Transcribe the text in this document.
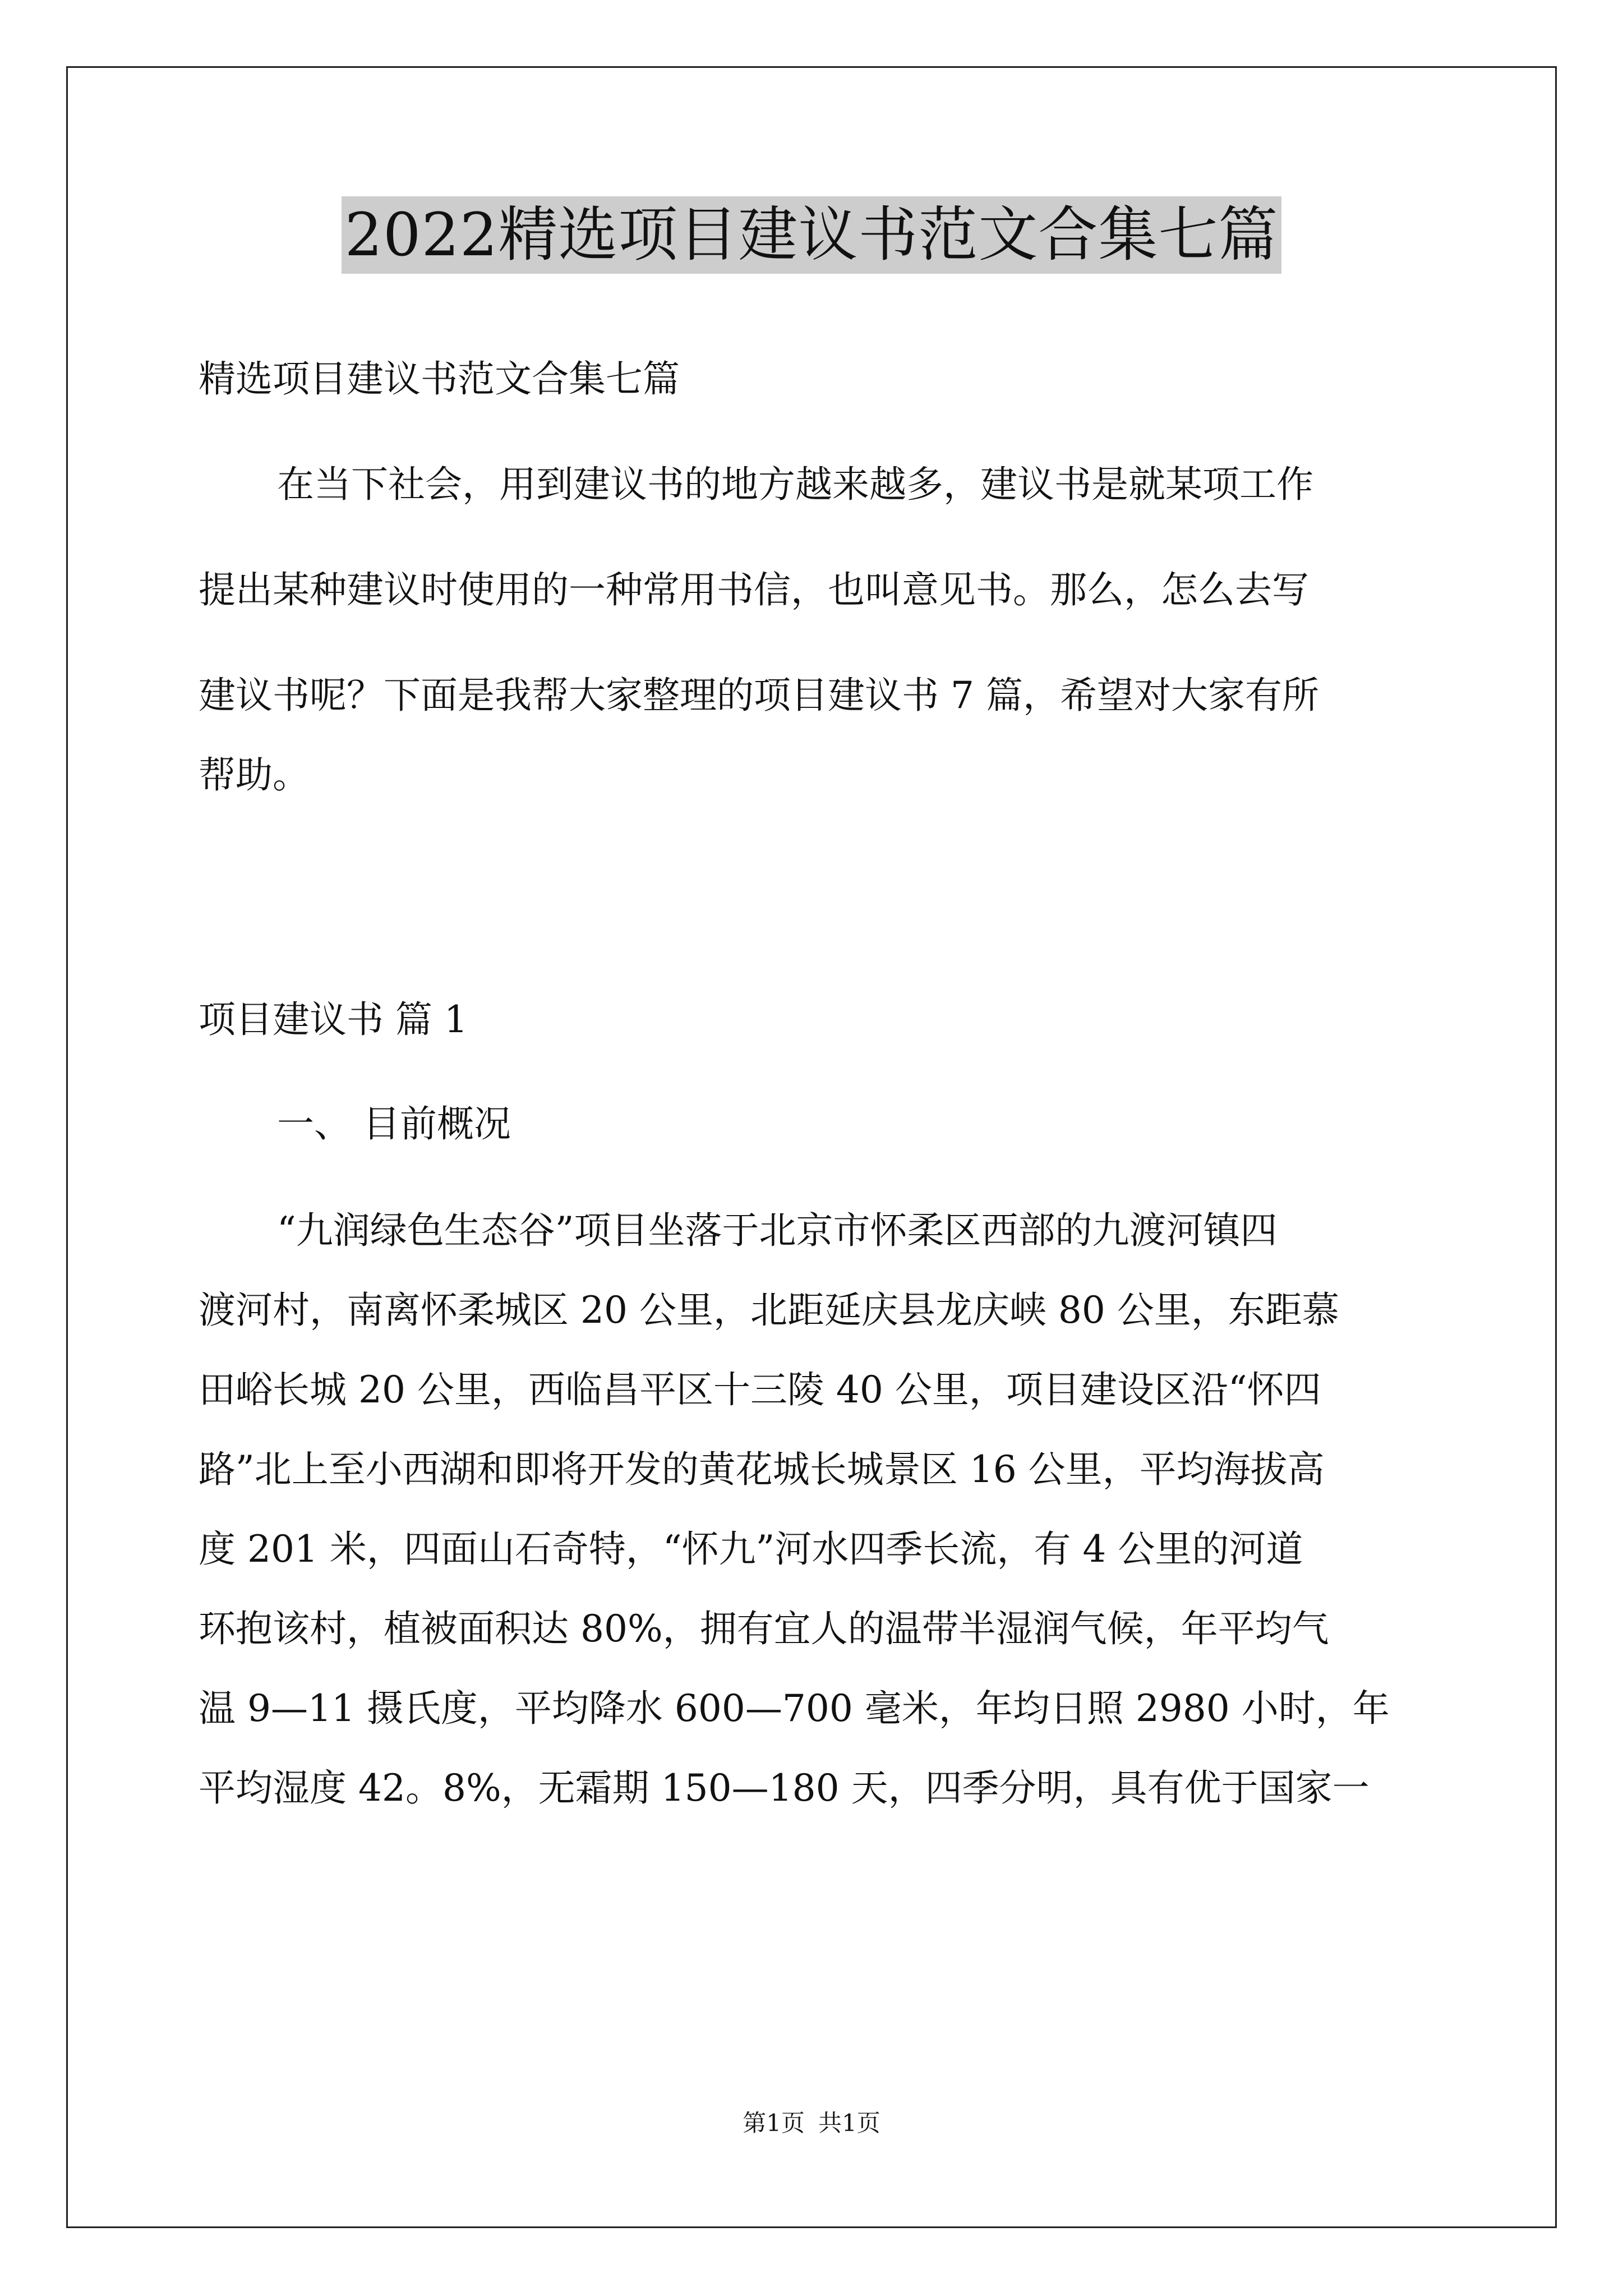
2022精选项目建议书范文合集七篇

精选项目建议书范文合集七篇

在当下社会，用到建议书的地方越来越多，建议书是就某项工作

提出某种建议时使用的一种常用书信，也叫意见书。那么，怎么去写

建议书呢？下面是我帮大家整理的项目建议书 7 篇，希望对大家有所

帮助。

项目建议书 篇 1

一、 目前概况

“九润绿色生态谷”项目坐落于北京市怀柔区西部的九渡河镇四

渡河村，南离怀柔城区 20 公里，北距延庆县龙庆峡 80 公里，东距慕

田峪长城 20 公里，西临昌平区十三陵 40 公里，项目建设区沿“怀四

路”北上至小西湖和即将开发的黄花城长城景区 16 公里，平均海拔高

度 201 米，四面山石奇特，“怀九”河水四季长流，有 4 公里的河道

环抱该村，植被面积达 80%，拥有宜人的温带半湿润气候，年平均气

温 9—11 摄氏度，平均降水 600—700 毫米，年均日照 2980 小时，年

平均湿度 42。8%，无霜期 150—180 天，四季分明，具有优于国家一

第1页 共1页
